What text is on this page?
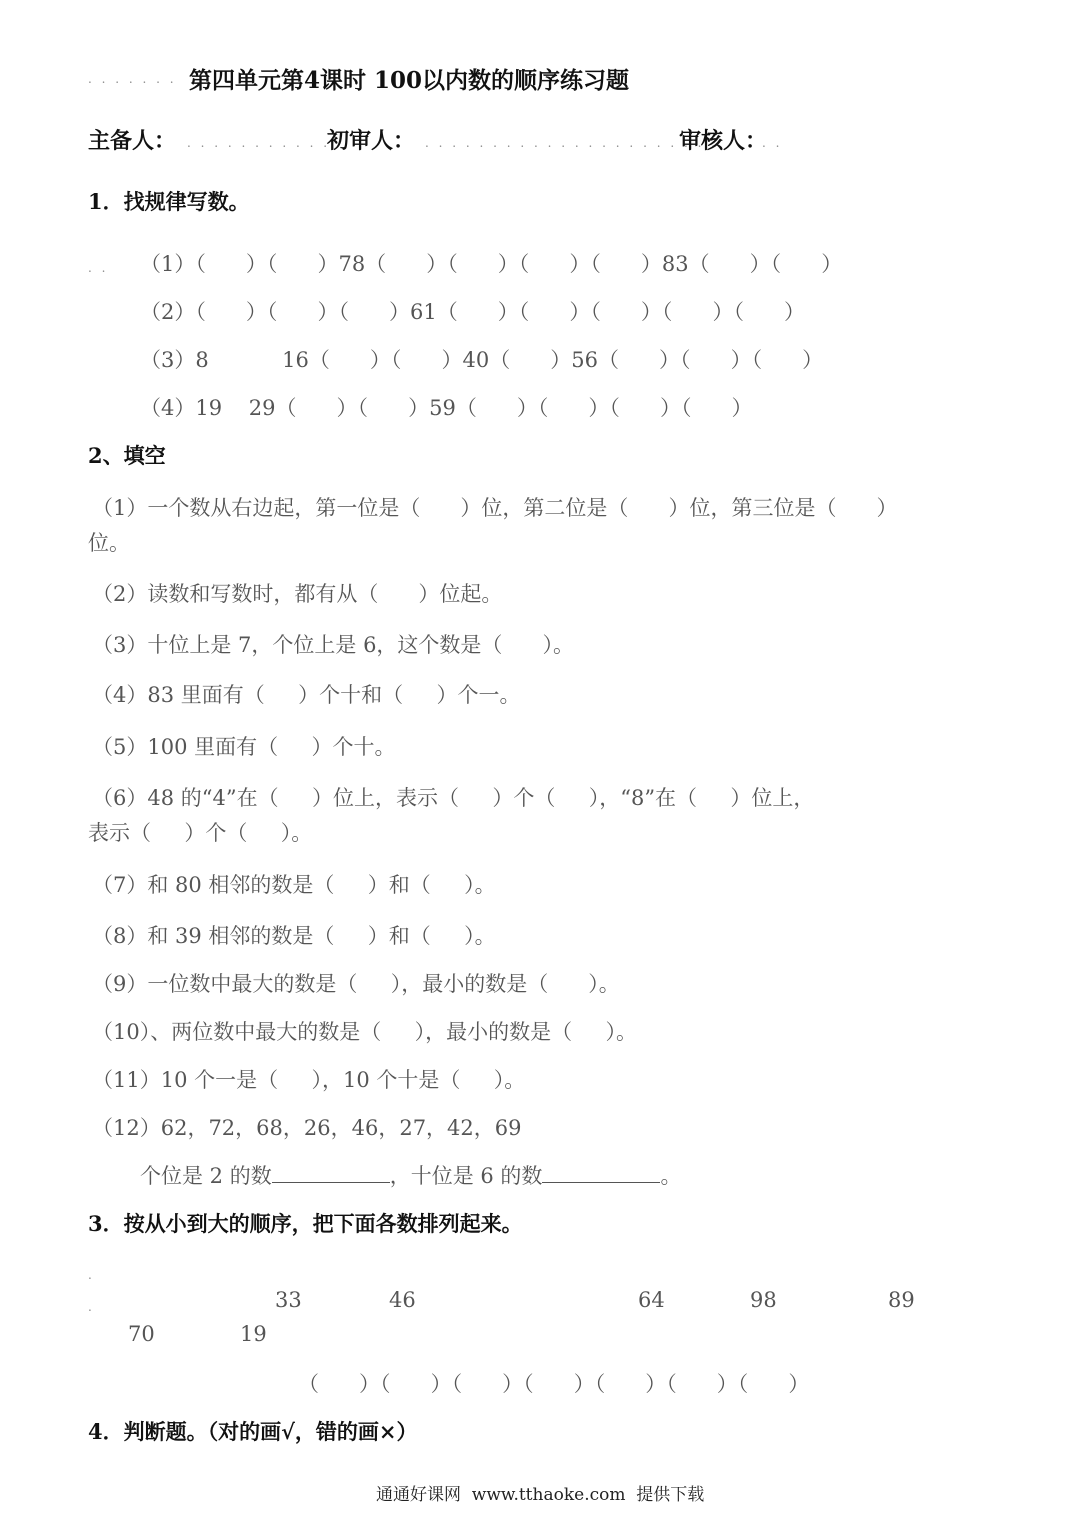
. . . . . . . 第四单元第4课时 100以内数的顺序练习题
主备人： . . . . . . . . . . .
初审人： . . . . . . . . . . . . . . . . . . . . . .
审核人：
. .
1．找规律写数。
. . （1）（      ）（      ）78（      ）（      ）（      ）（      ）83（      ）（      ）
（2）（      ）（      ）（      ）61（      ）（      ）（      ）（      ）（      ）
（3）8           16（      ）（      ）40（      ）56（      ）（      ）（      ）
（4）19    29（      ）（      ）59（      ）（      ）（      ）（      ）
2、填空
（1）一个数从右边起，第一位是（      ）位，第二位是（      ）位，第三位是（      ）
位。
（2）读数和写数时，都有从（      ）位起。
（3）十位上是 7，个位上是 6，这个数是（      ）。
（4）83 里面有（     ）个十和（     ）个一。
（5）100 里面有（     ）个十。
（6）48 的“4”在（     ）位上，表示（     ）个（     ），“8”在（     ）位上，
表示（     ）个（     ）。
（7）和 80 相邻的数是（     ）和（     ）。
（8）和 39 相邻的数是（     ）和（     ）。
（9）一位数中最大的数是（     ），最小的数是（      ）。
（10）、两位数中最大的数是（     ），最小的数是（     ）。
（11）10 个一是（     ），10 个十是（     ）。
（12）62，72，68，26，46，27，42，69
个位是 2 的数	，十位是 6 的数	。
3．按从小到大的顺序，把下面各数排列起来。
.
.	33	46	64	98	89
70	19
（      ）（      ）（      ）（      ）（      ）（      ）（      ）
4．判断题。（对的画√，错的画×）
通通好课网  www.tthaoke.com  提供下载
